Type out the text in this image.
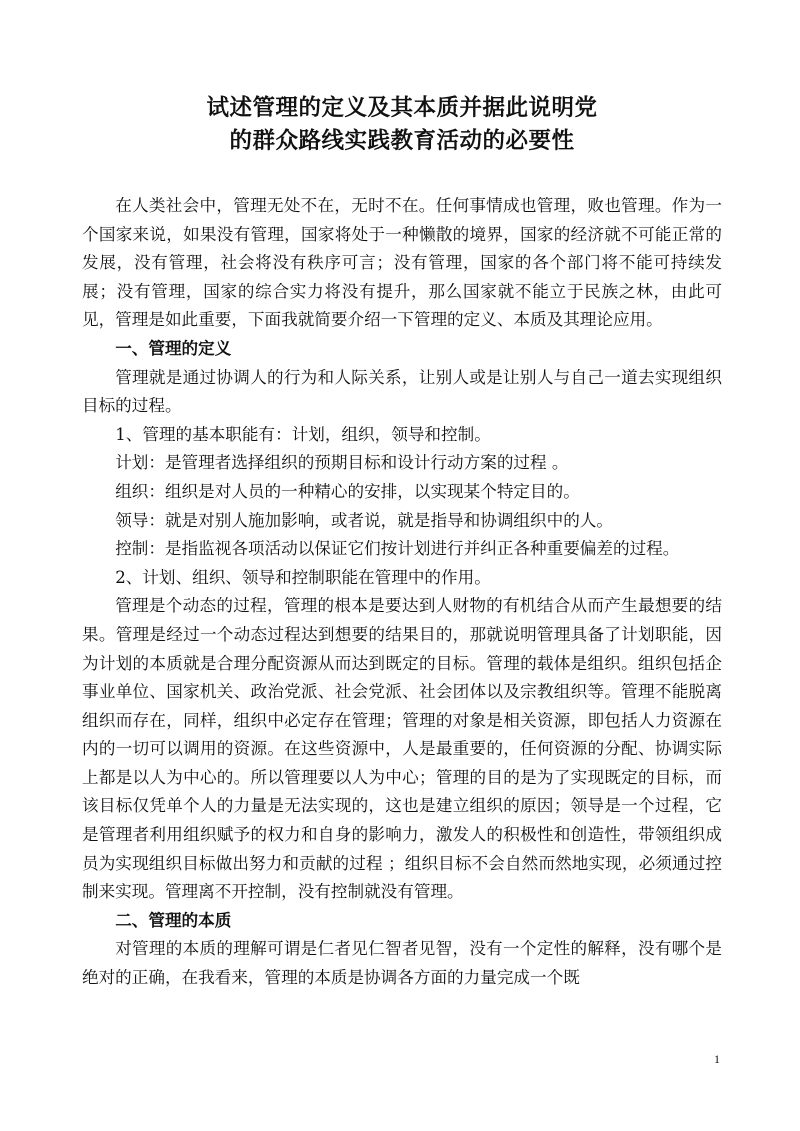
试述管理的定义及其本质并据此说明党
的群众路线实践教育活动的必要性

在人类社会中，管理无处不在，无时不在。任何事情成也管理，败也管理。作为一个国家来说，如果没有管理，国家将处于一种懒散的境界，国家的经济就不可能正常的发展，没有管理，社会将没有秩序可言；没有管理，国家的各个部门将不能可持续发展；没有管理，国家的综合实力将没有提升，那么国家就不能立于民族之林，由此可见，管理是如此重要，下面我就简要介绍一下管理的定义、本质及其理论应用。

一、管理的定义

管理就是通过协调人的行为和人际关系，让别人或是让别人与自己一道去实现组织目标的过程。

1、管理的基本职能有：计划，组织，领导和控制。

计划：是管理者选择组织的预期目标和设计行动方案的过程 。

组织：组织是对人员的一种精心的安排，以实现某个特定目的。

领导：就是对别人施加影响，或者说，就是指导和协调组织中的人。

控制：是指监视各项活动以保证它们按计划进行并纠正各种重要偏差的过程。

2、计划、组织、领导和控制职能在管理中的作用。

管理是个动态的过程，管理的根本是要达到人财物的有机结合从而产生最想要的结果。管理是经过一个动态过程达到想要的结果目的，那就说明管理具备了计划职能，因为计划的本质就是合理分配资源从而达到既定的目标。管理的载体是组织。组织包括企事业单位、国家机关、政治党派、社会党派、社会团体以及宗教组织等。管理不能脱离组织而存在，同样，组织中必定存在管理；管理的对象是相关资源，即包括人力资源在内的一切可以调用的资源。在这些资源中，人是最重要的，任何资源的分配、协调实际上都是以人为中心的。所以管理要以人为中心；管理的目的是为了实现既定的目标，而该目标仅凭单个人的力量是无法实现的，这也是建立组织的原因；领导是一个过程，它是管理者利用组织赋予的权力和自身的影响力，激发人的积极性和创造性，带领组织成员为实现组织目标做出努力和贡献的过程 ；组织目标不会自然而然地实现，必须通过控制来实现。管理离不开控制，没有控制就没有管理。

二、管理的本质

对管理的本质的理解可谓是仁者见仁智者见智，没有一个定性的解释，没有哪个是绝对的正确，在我看来，管理的本质是协调各方面的力量完成一个既

1
